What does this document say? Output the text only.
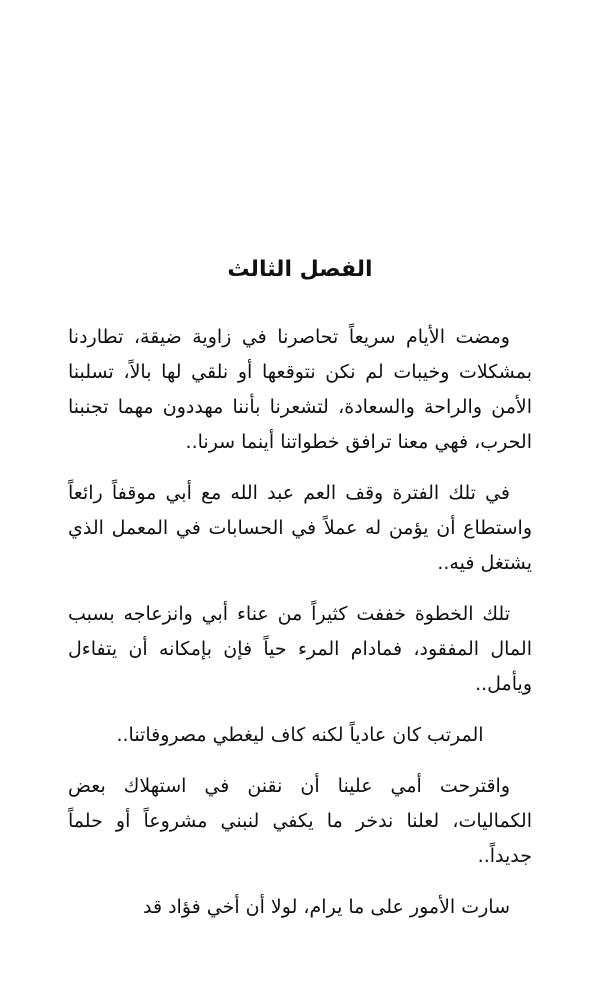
الفصل الثالث

ومضت الأيام سريعاً تحاصرنا في زاوية ضيقة، تطاردنا بمشكلات وخيبات لم نكن نتوقعها أو نلقي لها بالاً، تسلبنا الأمن والراحة والسعادة، لتشعرنا بأننا مهددون مهما تجنبنا الحرب، فهي معنا ترافق خطواتنا أينما سرنا..

في تلك الفترة وقف العم عبد الله مع أبي موقفاً رائعاً واستطاع أن يؤمن له عملاً في الحسابات في المعمل الذي يشتغل فيه..

تلك الخطوة خففت كثيراً من عناء أبي وانزعاجه بسبب المال المفقود، فمادام المرء حياً فإن بإمكانه أن يتفاءل ويأمل..

المرتب كان عادياً لكنه كاف ليغطي مصروفاتنا..

واقترحت أمي علينا أن نقنن في استهلاك بعض الكماليات، لعلنا ندخر ما يكفي لنبني مشروعاً أو حلماً جديداً..

سارت الأمور على ما يرام، لولا أن أخي فؤاد قد
